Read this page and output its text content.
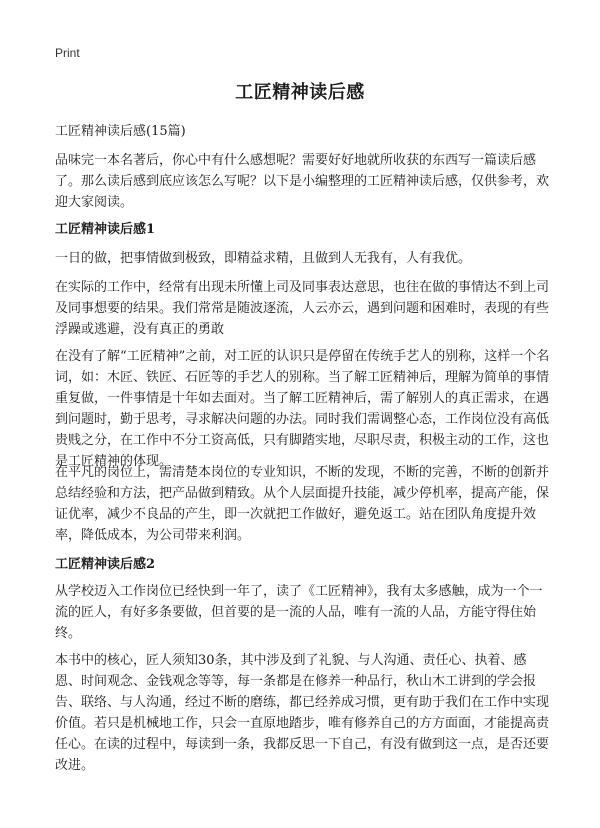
Print
工匠精神读后感
工匠精神读后感(15篇)
品味完一本名著后，你心中有什么感想呢？需要好好地就所收获的东西写一篇读后感了。那么读后感到底应该怎么写呢？以下是小编整理的工匠精神读后感，仅供参考，欢迎大家阅读。
工匠精神读后感1
一日的做，把事情做到极致，即精益求精，且做到人无我有，人有我优。
在实际的工作中，经常有出现未所懂上司及同事表达意思，也往在做的事情达不到上司及同事想要的结果。我们常常是随波逐流，人云亦云，遇到问题和困难时，表现的有些浮躁或逃避，没有真正的勇敢
在没有了解“工匠精神”之前，对工匠的认识只是停留在传统手艺人的别称，这样一个名词，如：木匠、铁匠、石匠等的手艺人的别称。当了解工匠精神后，理解为简单的事情重复做，一件事情是十年如去面对。当了解工匠精神后，需了解别人的真正需求，在遇到问题时，勤于思考，寻求解决问题的办法。同时我们需调整心态，工作岗位没有高低贵贱之分，在工作中不分工资高低，只有脚踏实地，尽职尽责，积极主动的工作，这也是工匠精神的体现。
在平凡的岗位上，需清楚本岗位的专业知识，不断的发现，不断的完善，不断的创新并总结经验和方法，把产品做到精致。从个人层面提升技能，减少停机率，提高产能，保证优率，减少不良品的产生，即一次就把工作做好，避免返工。站在团队角度提升效率，降低成本，为公司带来利润。
工匠精神读后感2
从学校迈入工作岗位已经快到一年了，读了《工匠精神》，我有太多感触，成为一个一流的匠人，有好多条要做，但首要的是一流的人品，唯有一流的人品，方能守得住始终。
本书中的核心，匠人须知30条，其中涉及到了礼貌、与人沟通、责任心、执着、感恩、时间观念、金钱观念等等，每一条都是在修养一种品行，秋山木工讲到的学会报告、联络、与人沟通，经过不断的磨练，都已经养成习惯，更有助于我们在工作中实现价值。若只是机械地工作，只会一直原地踏步，唯有修养自己的方方面面，才能提高责任心。在读的过程中，每读到一条，我都反思一下自己，有没有做到这一点，是否还要改进。
